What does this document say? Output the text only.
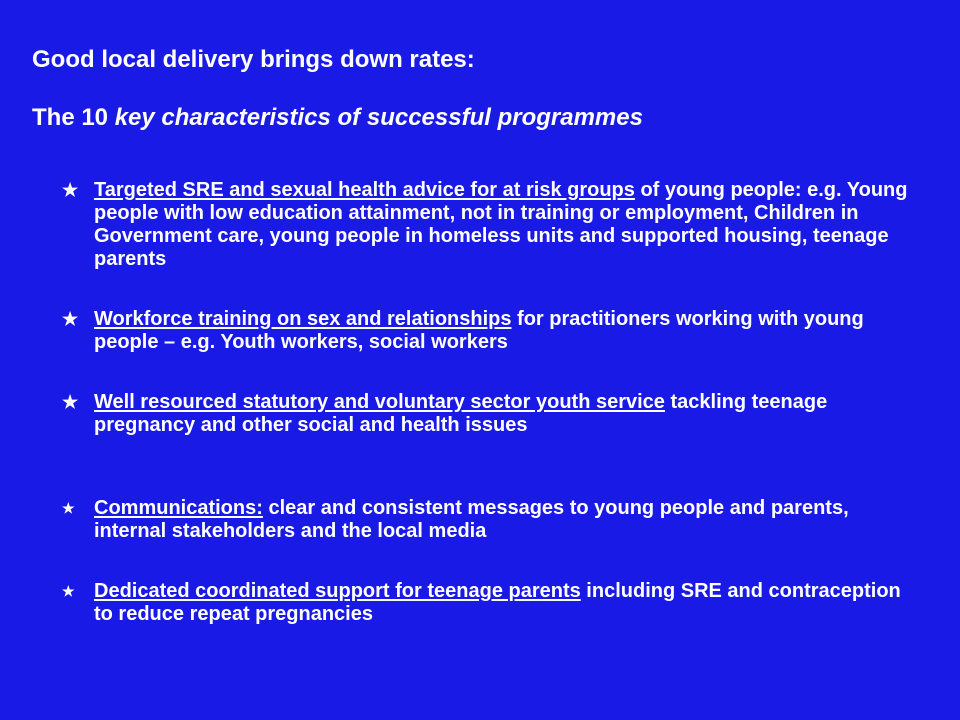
Good local delivery brings down rates:
The 10 key characteristics of successful programmes
★ Targeted SRE and sexual health advice for at risk groups of young people: e.g. Young people with low education attainment, not in training or employment, Children in Government care, young people in homeless units and supported housing, teenage parents
★ Workforce training on sex and relationships for practitioners working with young people – e.g. Youth workers, social workers
★ Well resourced statutory and voluntary sector youth service tackling teenage pregnancy and other social and health issues
★ Communications: clear and consistent messages to young people and parents, internal stakeholders and the local media
★ Dedicated coordinated support for teenage parents including SRE and contraception to reduce repeat pregnancies
